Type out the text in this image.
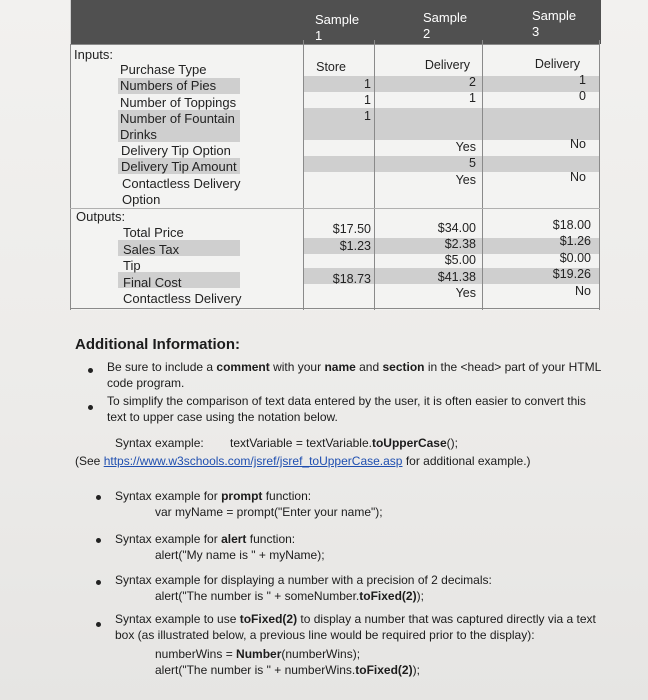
Sample
1
Sample
2
Sample
3
Inputs:
Outputs:
Purchase Type
Numbers of Pies
Number of Toppings
Number of Fountain Drinks
Delivery Tip Option
Delivery Tip Amount
Contactless Delivery Option
Total Price
Sales Tax
Tip
Final Cost
Contactless Delivery
Store
1
1
1
$17.50
$1.23
$18.73
Delivery
2
1
Yes
5
Yes
$34.00
$2.38
$5.00
$41.38
Yes
Delivery
1
0
No
No
$18.00
$1.26
$0.00
$19.26
No
Additional Information:
Be sure to include a comment with your name and section in the <head> part of your HTML
code program.
To simplify the comparison of text data entered by the user, it is often easier to convert this
text to upper case using the notation below.
Syntax example: textVariable = textVariable.toUpperCase();
(See https://www.w3schools.com/jsref/jsref_toUpperCase.asp for additional example.)
Syntax example for prompt function:
var myName = prompt("Enter your name");
Syntax example for alert function:
alert("My name is " + myName);
Syntax example for displaying a number with a precision of 2 decimals:
alert("The number is " + someNumber.toFixed(2));
Syntax example to use toFixed(2) to display a number that was captured directly via a text
box (as illustrated below, a previous line would be required prior to the display):
numberWins = Number(numberWins);
alert("The number is " + numberWins.toFixed(2));
